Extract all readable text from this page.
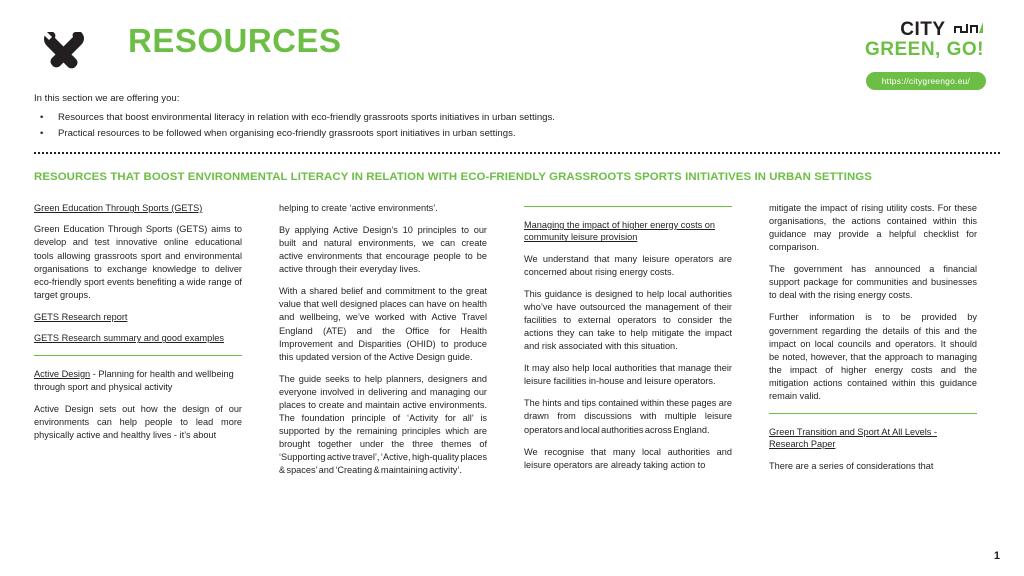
RESOURCES	CITY
GREEN, GO!
https://citygreengo.eu/

In this section we are offering you:

• Resources that boost environmental literacy in relation with eco-friendly grassroots sports initiatives in urban settings.
• Practical resources to be followed when organising eco-friendly grassroots sport initiatives in urban settings.
RESOURCES THAT BOOST ENVIRONMENTAL LITERACY IN RELATION WITH ECO-FRIENDLY GRASSROOTS SPORTS INITIATIVES IN URBAN SETTINGS
Green Education Through Sports (GETS)

Green Education Through Sports (GETS) aims to develop and test innovative online educational tools allowing grassroots sport and environmental organisations to exchange knowledge to deliver eco-friendly sport events benefiting a wide range of target groups.

GETS Research report
GETS Research summary and good examples

Active Design - Planning for health and wellbeing through sport and physical activity

Active Design sets out how the design of our environments can help people to lead more physically active and healthy lives - it’s about

helping to create ‘active environments’.

By applying Active Design’s 10 principles to our built and natural environments, we can create active environments that encourage people to be active through their everyday lives.

With a shared belief and commitment to the great value that well designed places can have on health and wellbeing, we’ve worked with Active Travel England (ATE) and the Office for Health Improvement and Disparities (OHID) to produce this updated version of the Active Design guide.

The guide seeks to help planners, designers and everyone involved in delivering and managing our places to create and maintain active environments. The foundation principle of ‘Activity for all’ is supported by the remaining principles which are brought together under the three themes of ‘Supporting active travel’, ‘Active, high-quality places & spaces’ and ‘Creating & maintaining activity’.

Managing the impact of higher energy costs on community leisure provision

We understand that many leisure operators are concerned about rising energy costs.

This guidance is designed to help local authorities who’ve have outsourced the management of their facilities to external operators to consider the actions they can take to help mitigate the impact and risk associated with this situation.

It may also help local authorities that manage their leisure facilities in-house and leisure operators.

The hints and tips contained within these pages are drawn from discussions with multiple leisure operators and local authorities across England.

We recognise that many local authorities and leisure operators are already taking action to

mitigate the impact of rising utility costs. For these organisations, the actions contained within this guidance may provide a helpful checklist for comparison.

The government has announced a financial support package for communities and businesses to deal with the rising energy costs.

Further information is to be provided by government regarding the details of this and the impact on local councils and operators. It should be noted, however, that the approach to managing the impact of higher energy costs and the mitigation actions contained within this guidance remain valid.

Green Transition and Sport At All Levels - Research Paper

There are a series of considerations that

1
